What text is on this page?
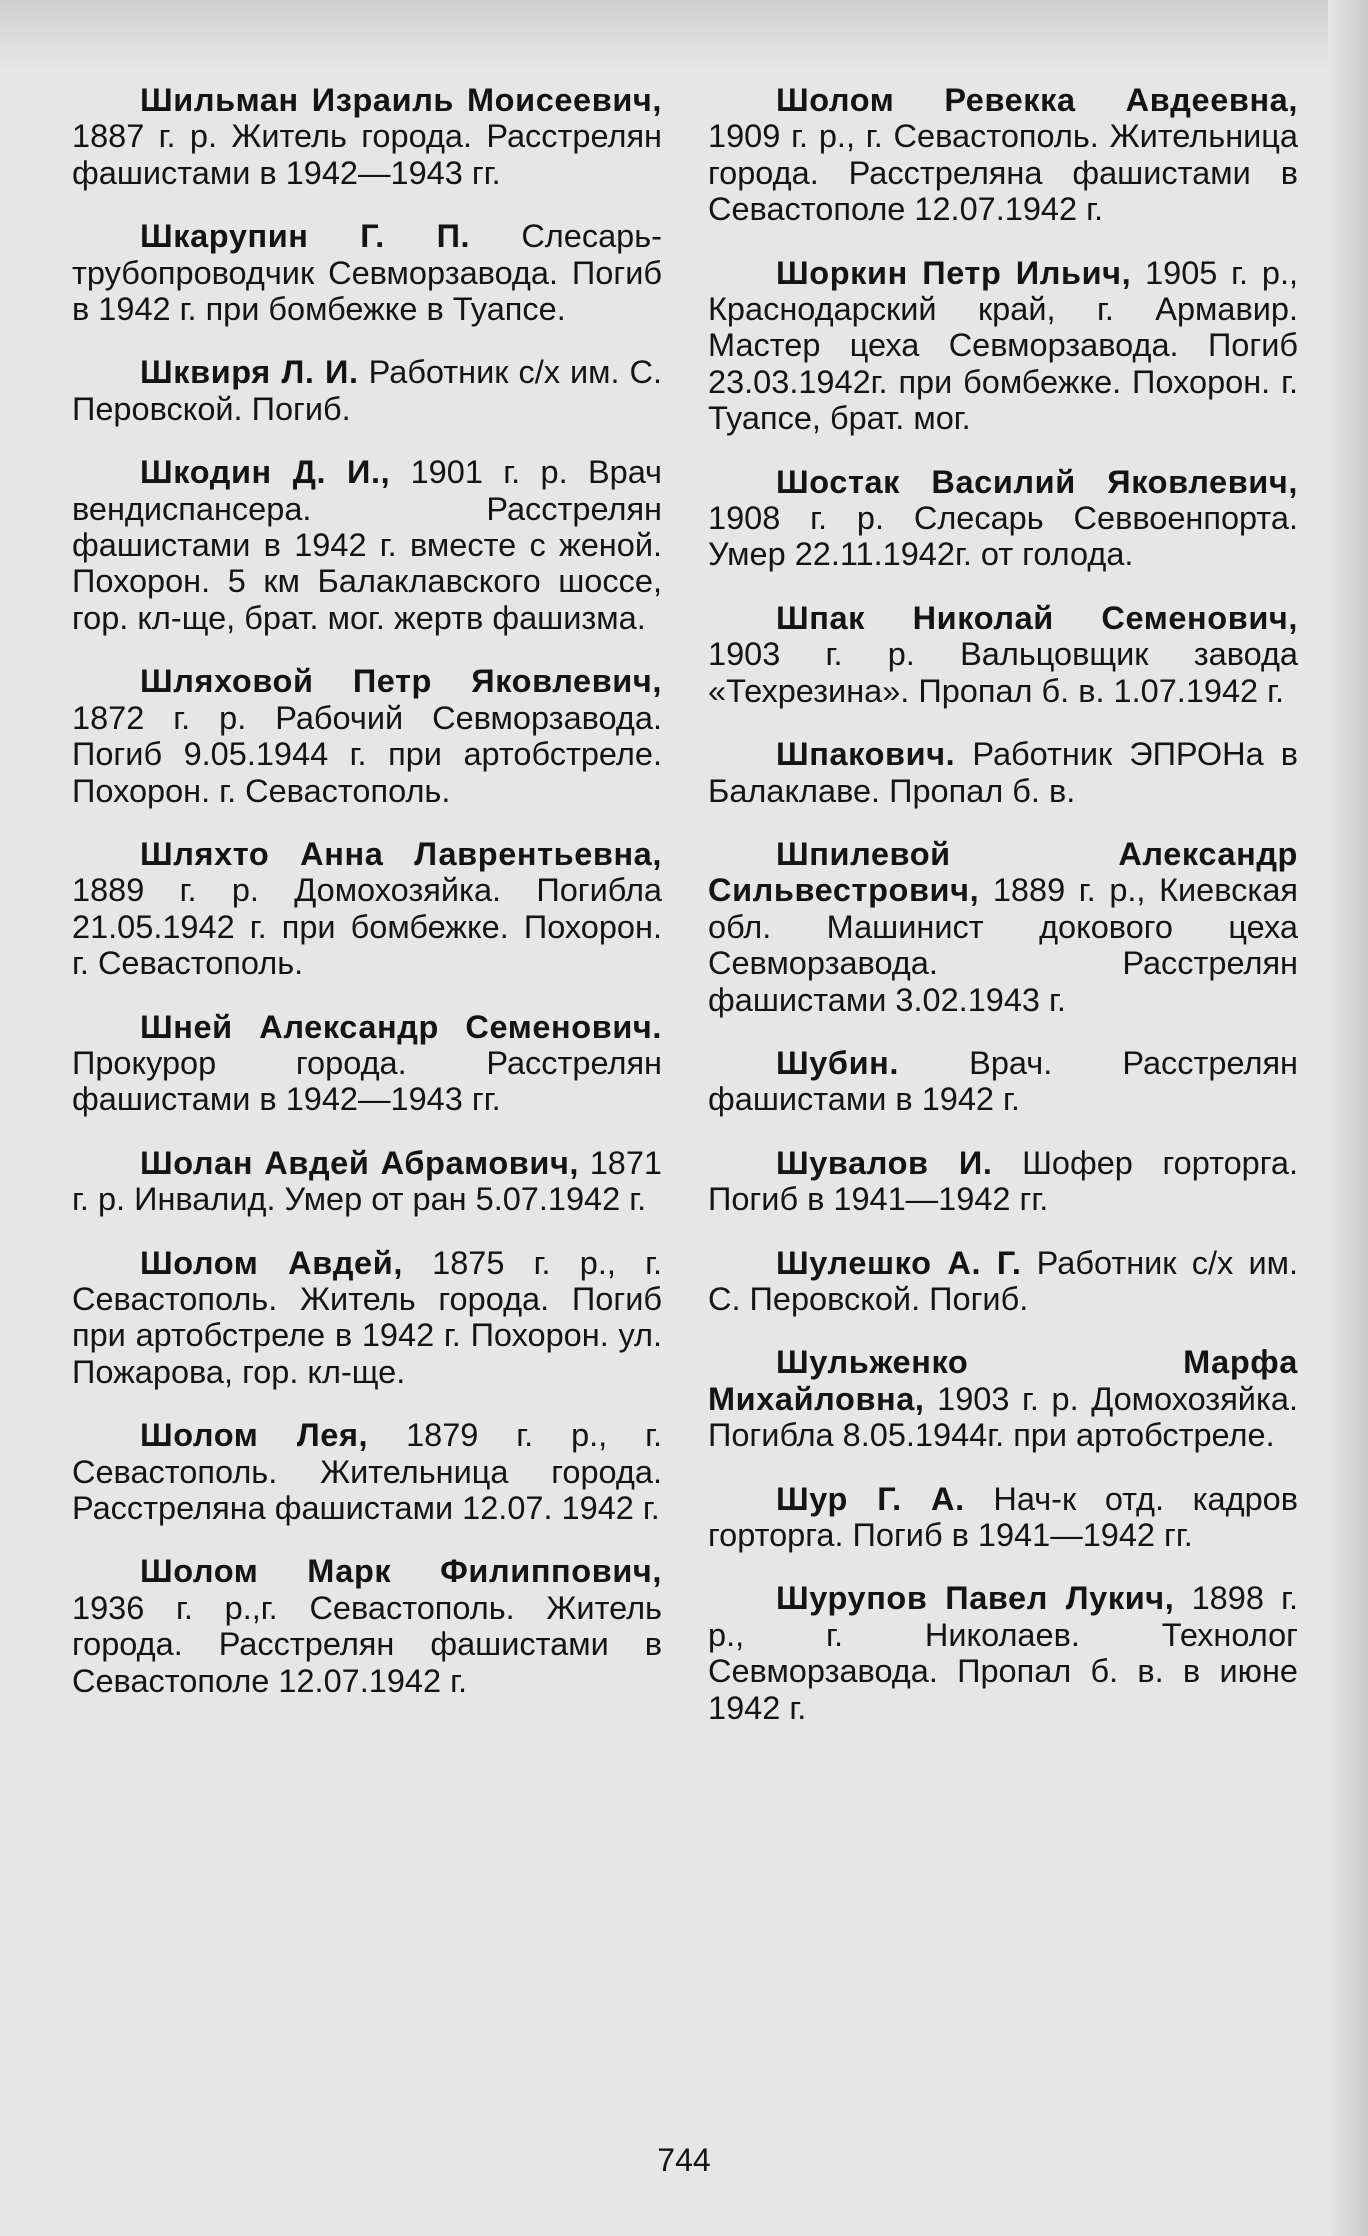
Шильман Израиль Моисеевич, 1887 г. р. Житель города. Расстрелян фашистами в 1942—1943 гг.

Шкарупин Г. П. Слесарь-трубопроводчик Севморзавода. Погиб в 1942 г. при бомбежке в Туапсе.

Шквиря Л. И. Работник с/х им. С. Перовской. Погиб.

Шкодин Д. И., 1901 г. р. Врач вендиспансера. Расстрелян фашистами в 1942 г. вместе с женой. Похорон. 5 км Балаклавского шоссе, гор. кл-ще, брат. мог. жертв фашизма.

Шляховой Петр Яковлевич, 1872 г. р. Рабочий Севморзавода. Погиб 9.05.1944 г. при артобстреле. Похорон. г. Севастополь.

Шляхто Анна Лаврентьевна, 1889 г. р. Домохозяйка. Погибла 21.05.1942 г. при бомбежке. Похорон. г. Севастополь.

Шней Александр Семенович. Прокурор города. Расстрелян фашистами в 1942—1943 гг.

Шолан Авдей Абрамович, 1871 г. р. Инвалид. Умер от ран 5.07.1942 г.

Шолом Авдей, 1875 г. р., г. Севастополь. Житель города. Погиб при артобстреле в 1942 г. Похорон. ул. Пожарова, гор. кл-ще.

Шолом Лея, 1879 г. р., г. Севастополь. Жительница города. Расстреляна фашистами 12.07. 1942 г.

Шолом Марк Филиппович, 1936 г. р.,г. Севастополь. Житель города. Расстрелян фашистами в Севастополе 12.07.1942 г.

Шолом Ревекка Авдеевна, 1909 г. р., г. Севастополь. Жительница города. Расстреляна фашистами в Севастополе 12.07.1942 г.

Шоркин Петр Ильич, 1905 г. р., Краснодарский край, г. Армавир. Мастер цеха Севморзавода. Погиб 23.03.1942г. при бомбежке. Похорон. г. Туапсе, брат. мог.

Шостак Василий Яковлевич, 1908 г. р. Слесарь Севвоенпорта. Умер 22.11.1942г. от голода.

Шпак Николай Семенович, 1903 г. р. Вальцовщик завода «Техрезина». Пропал б. в. 1.07.1942 г.

Шпакович. Работник ЭПРОНа в Балаклаве. Пропал б. в.

Шпилевой Александр Сильвестрович, 1889 г. р., Киевская обл. Машинист докового цеха Севморзавода. Расстрелян фашистами 3.02.1943 г.

Шубин. Врач. Расстрелян фашистами в 1942 г.

Шувалов И. Шофер горторга. Погиб в 1941—1942 гг.

Шулешко А. Г. Работник с/х им. С. Перовской. Погиб.

Шульженко Марфа Михайловна, 1903 г. р. Домохозяйка. Погибла 8.05.1944г. при артобстреле.

Шур Г. А. Нач-к отд. кадров горторга. Погиб в 1941—1942 гг.

Шурупов Павел Лукич, 1898 г. р., г. Николаев. Технолог Севморзавода. Пропал б. в. в июне 1942 г.

744
